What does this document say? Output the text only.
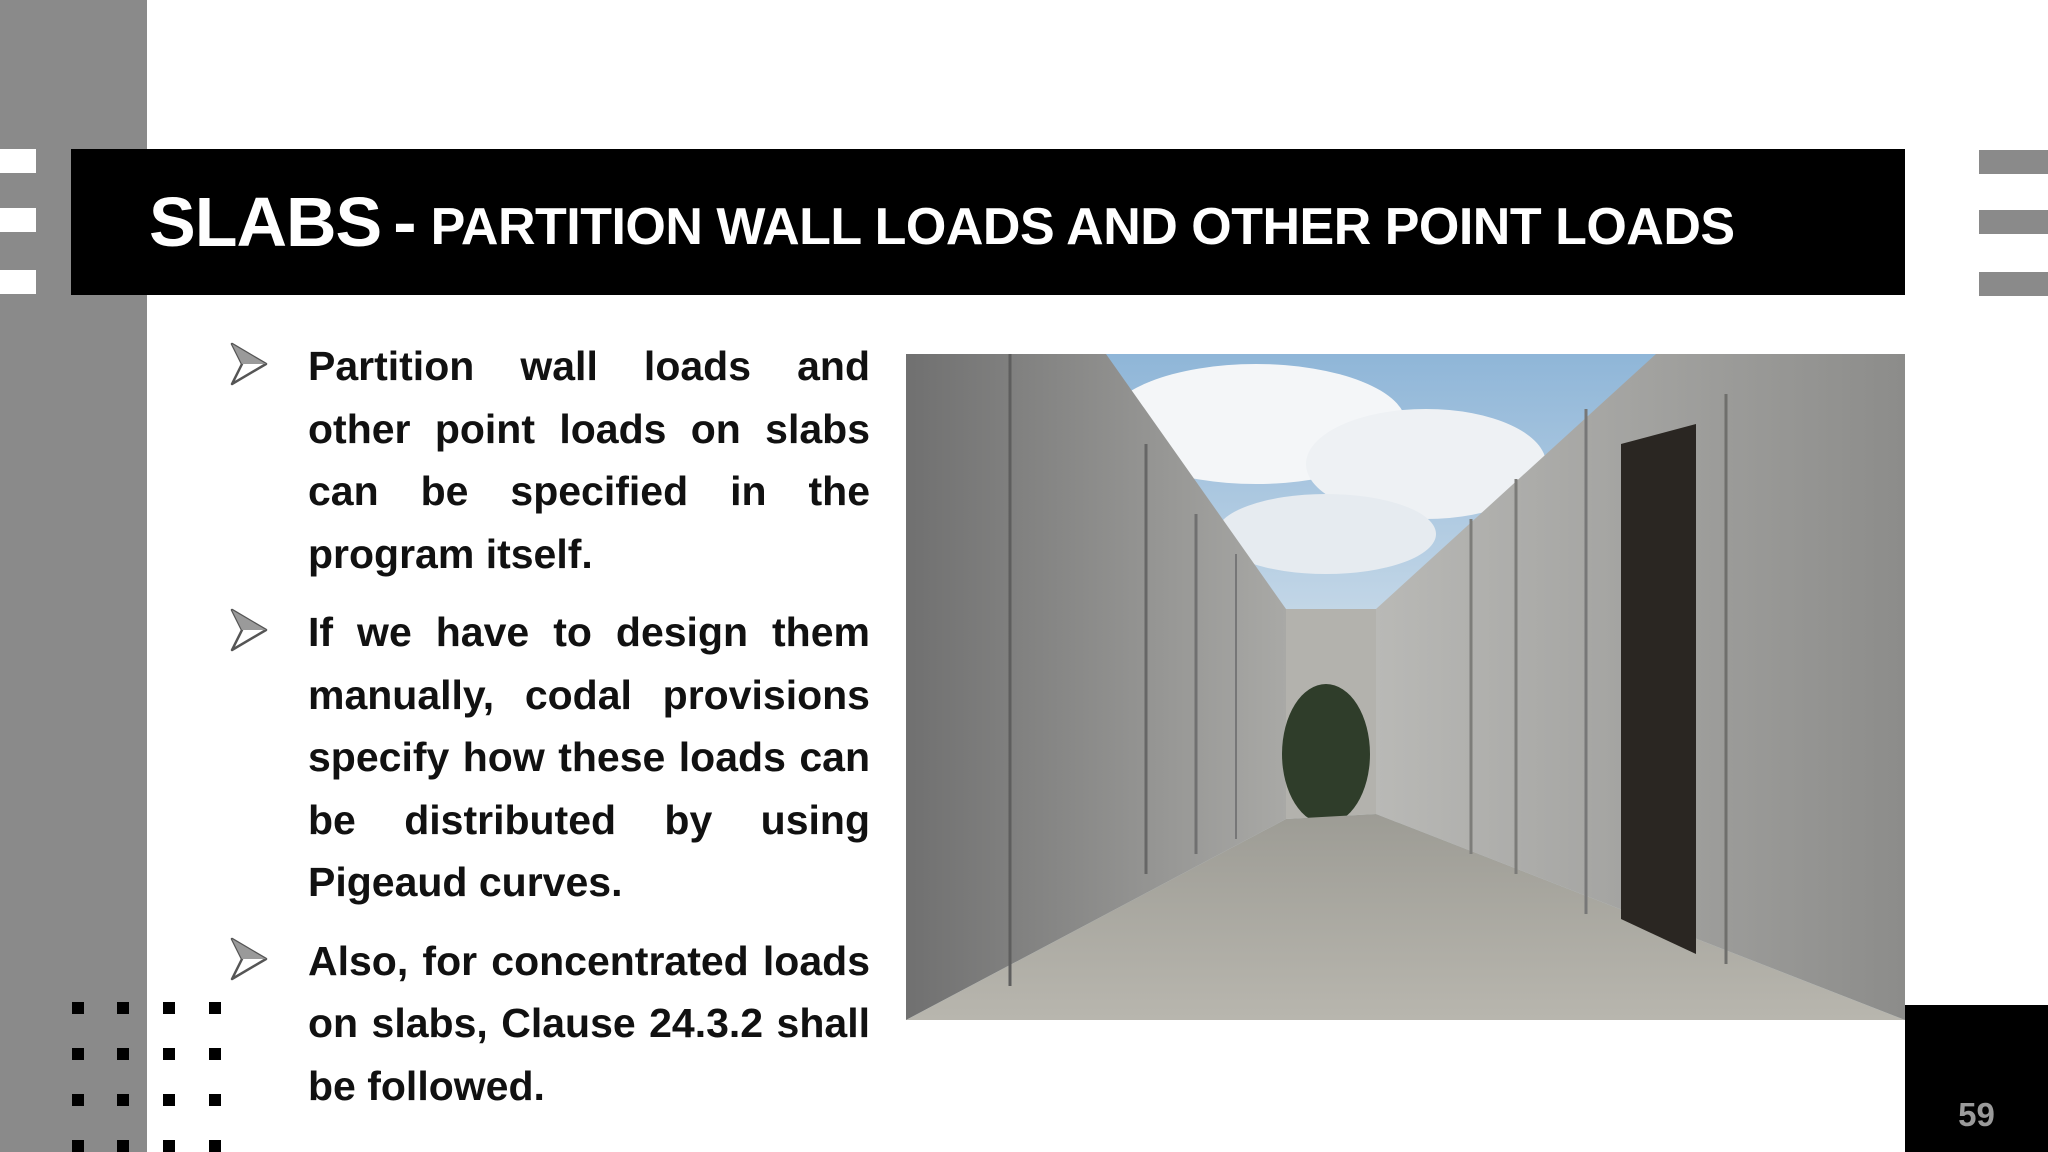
SLABS - PARTITION WALL LOADS AND OTHER POINT LOADS
Partition wall loads and other point loads on slabs can be specified in the program itself.
If we have to design them manually, codal provisions specify how these loads can be distributed by using Pigeaud curves.
Also, for concentrated loads on slabs, Clause 24.3.2 shall be followed.
59
